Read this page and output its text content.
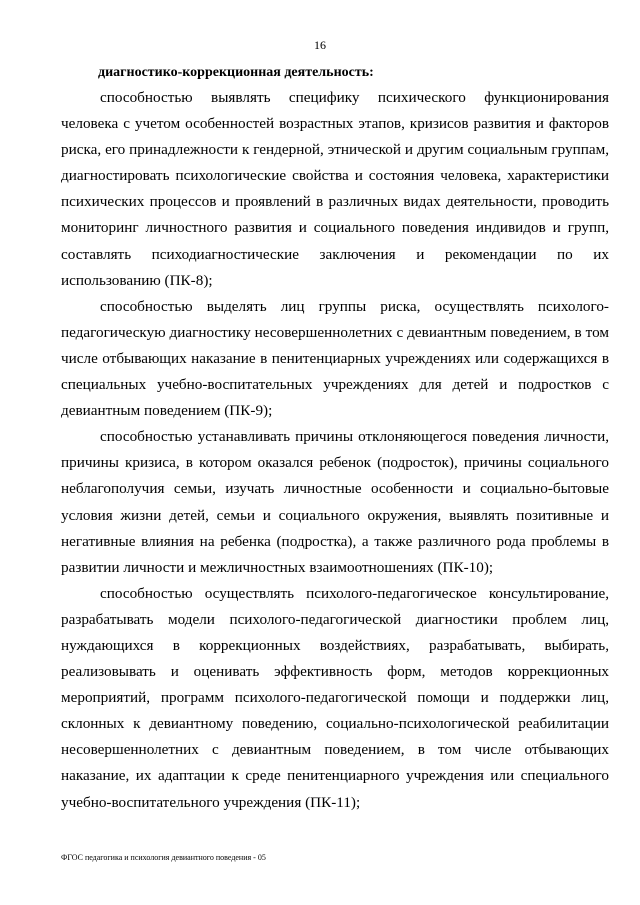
16
диагностико-коррекционная деятельность:

способностью выявлять специфику психического функционирования человека с учетом особенностей возрастных этапов, кризисов развития и факторов риска, его принадлежности к гендерной, этнической и другим социальным группам, диагностировать психологические свойства и состояния человека, характеристики психических процессов и проявлений в различных видах деятельности, проводить мониторинг личностного развития и социального поведения индивидов и групп, составлять психодиагностические заключения и рекомендации по их использованию (ПК-8);

способностью выделять лиц группы риска, осуществлять психолого-педагогическую диагностику несовершеннолетних с девиантным поведением, в том числе отбывающих наказание в пенитенциарных учреждениях или содержащихся в специальных учебно-воспитательных учреждениях для детей и подростков с девиантным поведением (ПК-9);

способностью устанавливать причины отклоняющегося поведения личности, причины кризиса, в котором оказался ребенок (подросток), причины социального неблагополучия семьи, изучать личностные особенности и социально-бытовые условия жизни детей, семьи и социального окружения, выявлять позитивные и негативные влияния на ребенка (подростка), а также различного рода проблемы в развитии личности и межличностных взаимоотношениях (ПК-10);

способностью осуществлять психолого-педагогическое консультирование, разрабатывать модели психолого-педагогической диагностики проблем лиц, нуждающихся в коррекционных воздействиях, разрабатывать, выбирать, реализовывать и оценивать эффективность форм, методов коррекционных мероприятий, программ психолого-педагогической помощи и поддержки лиц, склонных к девиантному поведению, социально-психологической реабилитации несовершеннолетних с девиантным поведением, в том числе отбывающих наказание, их адаптации к среде пенитенциарного учреждения или специального учебно-воспитательного учреждения (ПК-11);

ФГОС педагогика и психология девиантного поведения - 05
